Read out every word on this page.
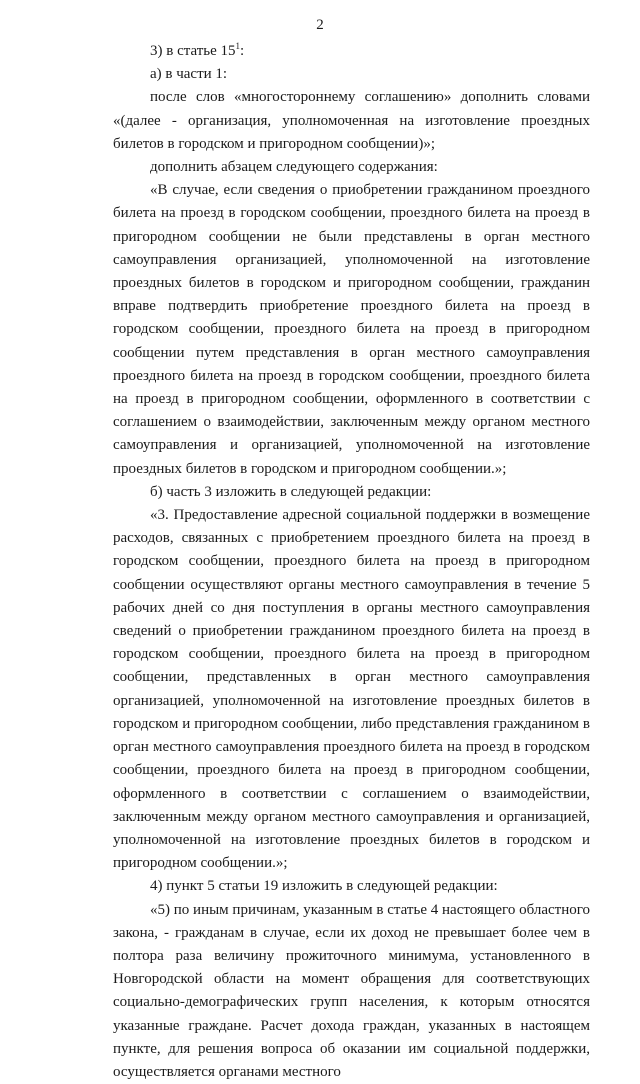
2

3) в статье $15^1$:

а) в части 1:

после слов «многостороннему соглашению» дополнить словами «(далее - организация, уполномоченная на изготовление проездных билетов в городском и пригородном сообщении)»;

дополнить абзацем следующего содержания:

«В случае, если сведения о приобретении гражданином проездного билета на проезд в городском сообщении, проездного билета на проезд в пригородном сообщении не были представлены в орган местного самоуправления организацией, уполномоченной на изготовление проездных билетов в городском и пригородном сообщении, гражданин вправе подтвердить приобретение проездного билета на проезд в городском сообщении, проездного билета на проезд в пригородном сообщении путем представления в орган местного самоуправления проездного билета на проезд в городском сообщении, проездного билета на проезд в пригородном сообщении, оформленного в соответствии с соглашением о взаимодействии, заключенным между органом местного самоуправления и организацией, уполномоченной на изготовление проездных билетов в городском и пригородном сообщении.»;

б) часть 3 изложить в следующей редакции:

«3. Предоставление адресной социальной поддержки в возмещение расходов, связанных с приобретением проездного билета на проезд в городском сообщении, проездного билета на проезд в пригородном сообщении осуществляют органы местного самоуправления в течение 5 рабочих дней со дня поступления в органы местного самоуправления сведений о приобретении гражданином проездного билета на проезд в городском сообщении, проездного билета на проезд в пригородном сообщении, представленных в орган местного самоуправления организацией, уполномоченной на изготовление проездных билетов в городском и пригородном сообщении, либо представления гражданином в орган местного самоуправления проездного билета на проезд в городском сообщении, проездного билета на проезд в пригородном сообщении, оформленного в соответствии с соглашением о взаимодействии, заключенным между органом местного самоуправления и организацией, уполномоченной на изготовление проездных билетов в городском и пригородном сообщении.»;

4) пункт 5 статьи 19 изложить в следующей редакции:

«5) по иным причинам, указанным в статье 4 настоящего областного закона, - гражданам в случае, если их доход не превышает более чем в полтора раза величину прожиточного минимума, установленного в Новгородской области на момент обращения для соответствующих социально-демографических групп населения, к которым относятся указанные граждане. Расчет дохода граждан, указанных в настоящем пункте, для решения вопроса об оказании им социальной поддержки, осуществляется органами местного
